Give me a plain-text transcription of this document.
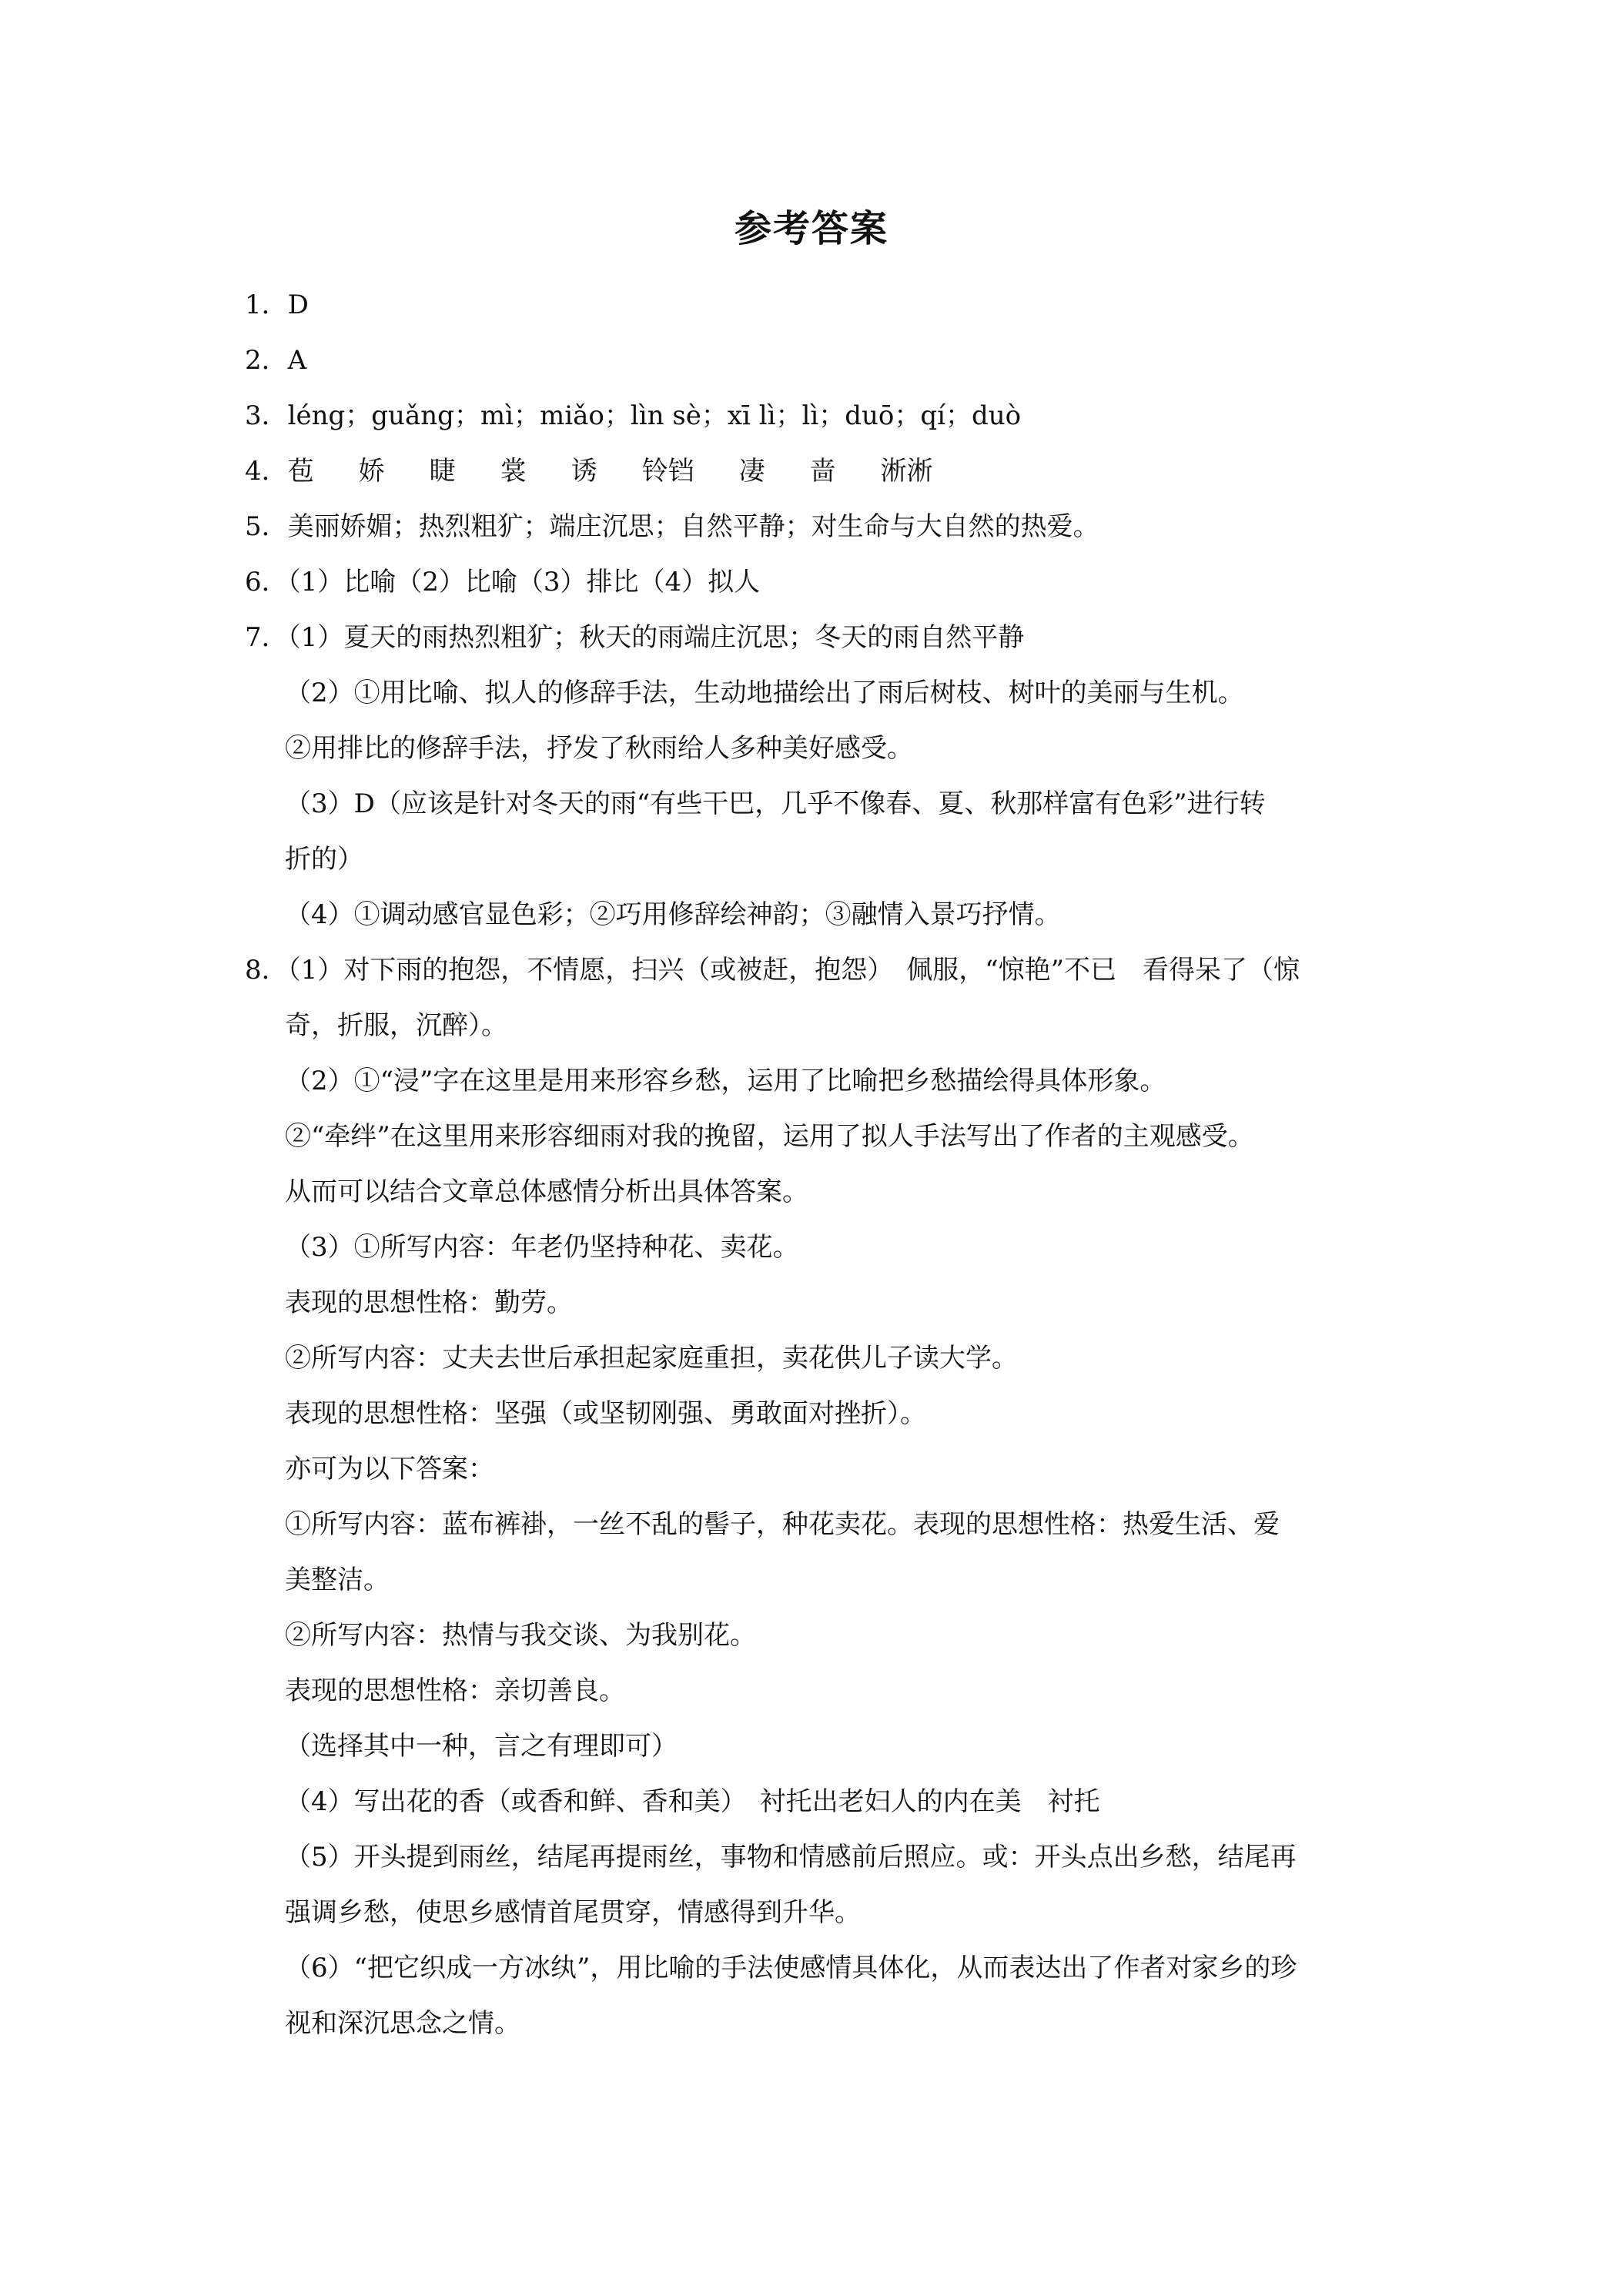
参考答案
1．D
2．A
3．léng；guǎng；mì；miǎo；lìn sè；xī lì；lì；duō；qí；duò
4．苞 娇 睫 裳 诱 铃铛 凄 啬 淅淅
5．美丽娇媚；热烈粗犷；端庄沉思；自然平静；对生命与大自然的热爱。
6．（1）比喻（2）比喻（3）排比（4）拟人
7．（1）夏天的雨热烈粗犷；秋天的雨端庄沉思；冬天的雨自然平静
（2）①用比喻、拟人的修辞手法，生动地描绘出了雨后树枝、树叶的美丽与生机。
②用排比的修辞手法，抒发了秋雨给人多种美好感受。
（3）D（应该是针对冬天的雨“有些干巴，几乎不像春、夏、秋那样富有色彩”进行转
折的）
（4）①调动感官显色彩；②巧用修辞绘神韵；③融情入景巧抒情。
8．（1）对下雨的抱怨，不情愿，扫兴（或被赶，抱怨）　佩服，“惊艳”不已　看得呆了（惊
奇，折服，沉醉）。
（2）①“浸”字在这里是用来形容乡愁，运用了比喻把乡愁描绘得具体形象。
②“牵绊”在这里用来形容细雨对我的挽留，运用了拟人手法写出了作者的主观感受。
从而可以结合文章总体感情分析出具体答案。
（3）①所写内容：年老仍坚持种花、卖花。
表现的思想性格：勤劳。
②所写内容：丈夫去世后承担起家庭重担，卖花供儿子读大学。
表现的思想性格：坚强（或坚韧刚强、勇敢面对挫折）。
亦可为以下答案：
①所写内容：蓝布裤褂，一丝不乱的髻子，种花卖花。表现的思想性格：热爱生活、爱
美整洁。
②所写内容：热情与我交谈、为我别花。
表现的思想性格：亲切善良。
（选择其中一种，言之有理即可）
（4）写出花的香（或香和鲜、香和美）　衬托出老妇人的内在美　衬托
（5）开头提到雨丝，结尾再提雨丝，事物和情感前后照应。或：开头点出乡愁，结尾再
强调乡愁，使思乡感情首尾贯穿，情感得到升华。
（6）“把它织成一方冰纨”，用比喻的手法使感情具体化，从而表达出了作者对家乡的珍
视和深沉思念之情。
